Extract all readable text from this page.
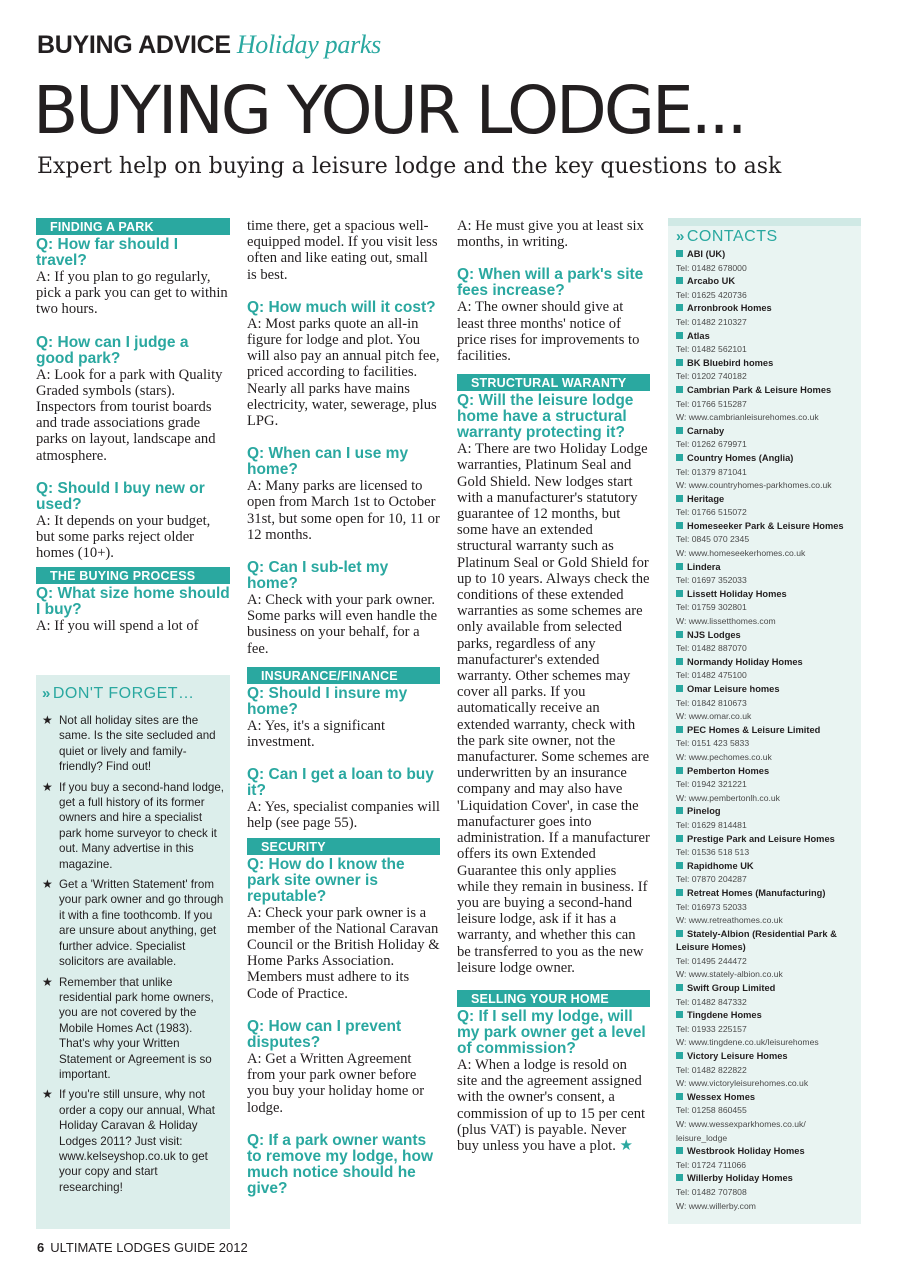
BUYING ADVICE Holiday parks
BUYING YOUR LODGE...
Expert help on buying a leisure lodge and the key questions to ask
FINDING A PARK
Q: How far should I travel?
A: If you plan to go regularly, pick a park you can get to within two hours.
Q: How can I judge a good park?
A: Look for a park with Quality Graded symbols (stars). Inspectors from tourist boards and trade associations grade parks on layout, landscape and atmosphere.
Q: Should I buy new or used?
A: It depends on your budget, but some parks reject older homes (10+).
THE BUYING PROCESS
Q: What size home should I buy?
A: If you will spend a lot of
» DON'T FORGET…
★ Not all holiday sites are the same. Is the site secluded and quiet or lively and family-friendly? Find out!
★ If you buy a second-hand lodge, get a full history of its former owners and hire a specialist park home surveyor to check it out. Many advertise in this magazine.
★ Get a 'Written Statement' from your park owner and go through it with a fine toothcomb. If you are unsure about anything, get further advice. Specialist solicitors are available.
★ Remember that unlike residential park home owners, you are not covered by the Mobile Homes Act (1983). That's why your Written Statement or Agreement is so important.
★ If you're still unsure, why not order a copy our annual, What Holiday Caravan & Holiday Lodges 2011? Just visit: www.kelseyshop.co.uk to get your copy and start researching!
time there, get a spacious well-equipped model. If you visit less often and like eating out, small is best.
Q: How much will it cost?
A: Most parks quote an all-in figure for lodge and plot. You will also pay an annual pitch fee, priced according to facilities. Nearly all parks have mains electricity, water, sewerage, plus LPG.
Q: When can I use my home?
A: Many parks are licensed to open from March 1st to October 31st, but some open for 10, 11 or 12 months.
Q: Can I sub-let my home?
A: Check with your park owner. Some parks will even handle the business on your behalf, for a fee.
INSURANCE/FINANCE
Q: Should I insure my home?
A: Yes, it's a significant investment.
Q: Can I get a loan to buy it?
A: Yes, specialist companies will help (see page 55).
SECURITY
Q: How do I know the park site owner is reputable?
A: Check your park owner is a member of the National Caravan Council or the British Holiday & Home Parks Association. Members must adhere to its Code of Practice.
Q: How can I prevent disputes?
A: Get a Written Agreement from your park owner before you buy your holiday home or lodge.
Q: If a park owner wants to remove my lodge, how much notice should he give?
A: He must give you at least six months, in writing.
Q: When will a park's site fees increase?
A: The owner should give at least three months' notice of price rises for improvements to facilities.
STRUCTURAL WARANTY
Q: Will the leisure lodge home have a structural warranty protecting it?
A: There are two Holiday Lodge warranties, Platinum Seal and Gold Shield. New lodges start with a manufacturer's statutory guarantee of 12 months, but some have an extended structural warranty such as Platinum Seal or Gold Shield for up to 10 years. Always check the conditions of these extended warranties as some schemes are only available from selected parks, regardless of any manufacturer's extended warranty. Other schemes may cover all parks. If you automatically receive an extended warranty, check with the park site owner, not the manufacturer. Some schemes are underwritten by an insurance company and may also have 'Liquidation Cover', in case the manufacturer goes into administration. If a manufacturer offers its own Extended Guarantee this only applies while they remain in business. If you are buying a second-hand leisure lodge, ask if it has a warranty, and whether this can be transferred to you as the new leisure lodge owner.
SELLING YOUR HOME
Q: If I sell my lodge, will my park owner get a level of commission?
A: When a lodge is resold on site and the agreement assigned with the owner's consent, a commission of up to 15 per cent (plus VAT) is payable. Never buy unless you have a plot. ★
» CONTACTS
ABI (UK)
Tel: 01482 678000
Arcabo UK
Tel: 01625 420736
Arronbrook Homes
Tel: 01482 210327
Atlas
Tel: 01482 562101
BK Bluebird homes
Tel: 01202 740182
Cambrian Park & Leisure Homes
Tel: 01766 515287
W: www.cambrianleisurehomes.co.uk
Carnaby
Tel: 01262 679971
Country Homes (Anglia)
Tel: 01379 871041
W: www.countryhomes-parkhomes.co.uk
Heritage
Tel: 01766 515072
Homeseeker Park & Leisure Homes
Tel: 0845 070 2345
W: www.homeseekerhomes.co.uk
Lindera
Tel: 01697 352033
Lissett Holiday Homes
Tel: 01759 302801
W: www.lissetthomes.com
NJS Lodges
Tel: 01482 887070
Normandy Holiday Homes
Tel: 01482 475100
Omar Leisure homes
Tel: 01842 810673
W: www.omar.co.uk
PEC Homes & Leisure Limited
Tel: 0151 423 5833
W: www.pechomes.co.uk
Pemberton Homes
Tel: 01942 321221
W: www.pembertonlh.co.uk
Pinelog
Tel: 01629 814481
Prestige Park and Leisure Homes
Tel: 01536 518 513
Rapidhome UK
Tel: 07870 204287
Retreat Homes (Manufacturing)
Tel: 016973 52033
W: www.retreathomes.co.uk
Stately-Albion (Residential Park & Leisure Homes)
Tel: 01495 244472
W: www.stately-albion.co.uk
Swift Group Limited
Tel: 01482 847332
Tingdene Homes
Tel: 01933 225157
W: www.tingdene.co.uk/leisurehomes
Victory Leisure Homes
Tel: 01482 822822
W: www.victoryleisurehomes.co.uk
Wessex Homes
Tel: 01258 860455
W: www.wessexparkhomes.co.uk/
leisure_lodge
Westbrook Holiday Homes
Tel: 01724 711066
Willerby Holiday Homes
Tel: 01482 707808
W: www.willerby.com
6 ULTIMATE LODGES GUIDE 2012
